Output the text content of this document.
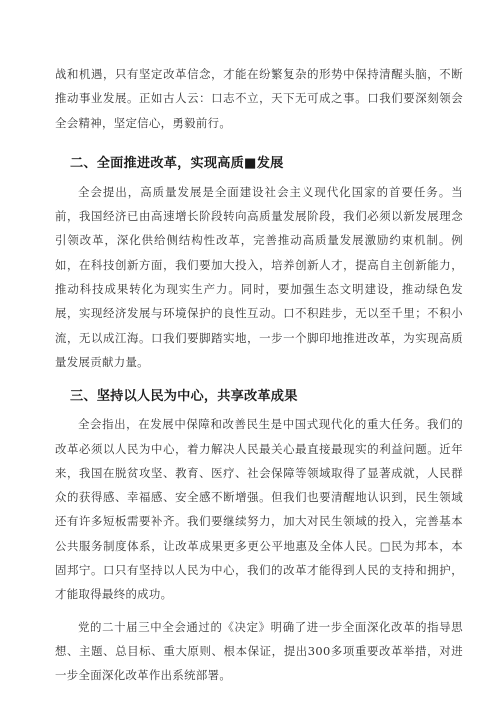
战和机遇，只有坚定改革信念，才能在纷繁复杂的形势中保持清醒头脑，不断推动事业发展。正如古人云：口志不立，天下无可成之事。口我们要深刻领会全会精神，坚定信心，勇毅前行。

二、全面推进改革，实现高质■发展

全会提出，高质量发展是全面建设社会主义现代化国家的首要任务。当前，我国经济已由高速增长阶段转向高质量发展阶段，我们必须以新发展理念引领改革，深化供给侧结构性改革，完善推动高质量发展激励约束机制。例如，在科技创新方面，我们要加大投入，培养创新人才，提高自主创新能力，推动科技成果转化为现实生产力。同时，要加强生态文明建设，推动绿色发展，实现经济发展与环境保护的良性互动。口不积跬步，无以至千里；不积小流，无以成江海。口我们要脚踏实地，一步一个脚印地推进改革，为实现高质量发展贡献力量。

三、坚持以人民为中心，共享改革成果

全会指出，在发展中保障和改善民生是中国式现代化的重大任务。我们的改革必须以人民为中心，着力解决人民最关心最直接最现实的利益问题。近年来，我国在脱贫攻坚、教育、医疗、社会保障等领域取得了显著成就，人民群众的获得感、幸福感、安全感不断增强。但我们也要清醒地认识到，民生领域还有许多短板需要补齐。我们要继续努力，加大对民生领域的投入，完善基本公共服务制度体系，让改革成果更多更公平地惠及全体人民。□民为邦本，本固邦宁。口只有坚持以人民为中心，我们的改革才能得到人民的支持和拥护，才能取得最终的成功。

党的二十届三中全会通过的《决定》明确了进一步全面深化改革的指导思想、主题、总目标、重大原则、根本保证，提出300多项重要改革举措，对进一步全面深化改革作出系统部署。
